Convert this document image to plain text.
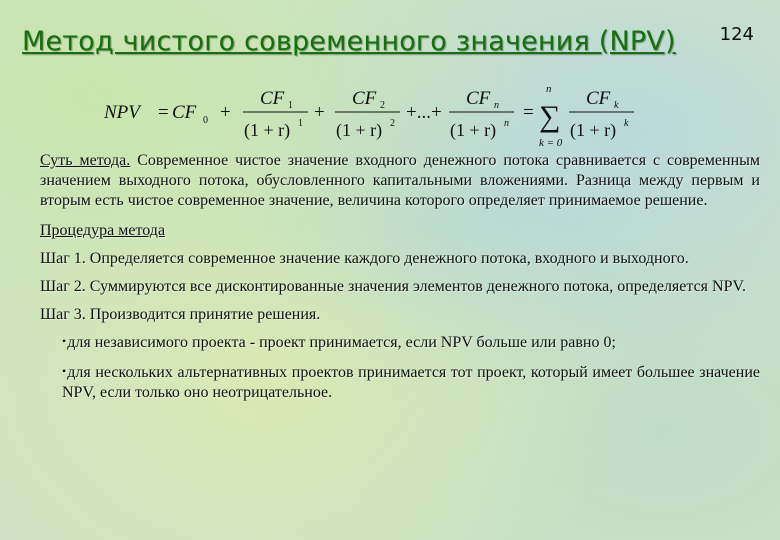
Метод чистого современного значения (NPV) 124
NPV = CF 0 +
CF 1
(1 + r) 1
+
CF 2
(1 + r) 2
+...+
CF n
(1 + r) n
=
n
∑
k = 0
CF k
(1 + r) k

Суть метода. Современное чистое значение входного денежного потока сравнивается с современным значением выходного потока, обусловленного капитальными вложениями. Разница между первым и вторым есть чистое современное значение, величина которого определяет принимаемое решение.

Процедура метода

Шаг 1. Определяется современное значение каждого денежного потока, входного и выходного.

Шаг 2. Суммируются все дисконтированные значения элементов денежного потока, определяется NPV.

Шаг 3. Производится принятие решения.

•для независимого проекта - проект принимается, если NPV больше или равно 0;
•для нескольких альтернативных проектов принимается тот проект, который имеет большее значение NPV, если только оно неотрицательное.
